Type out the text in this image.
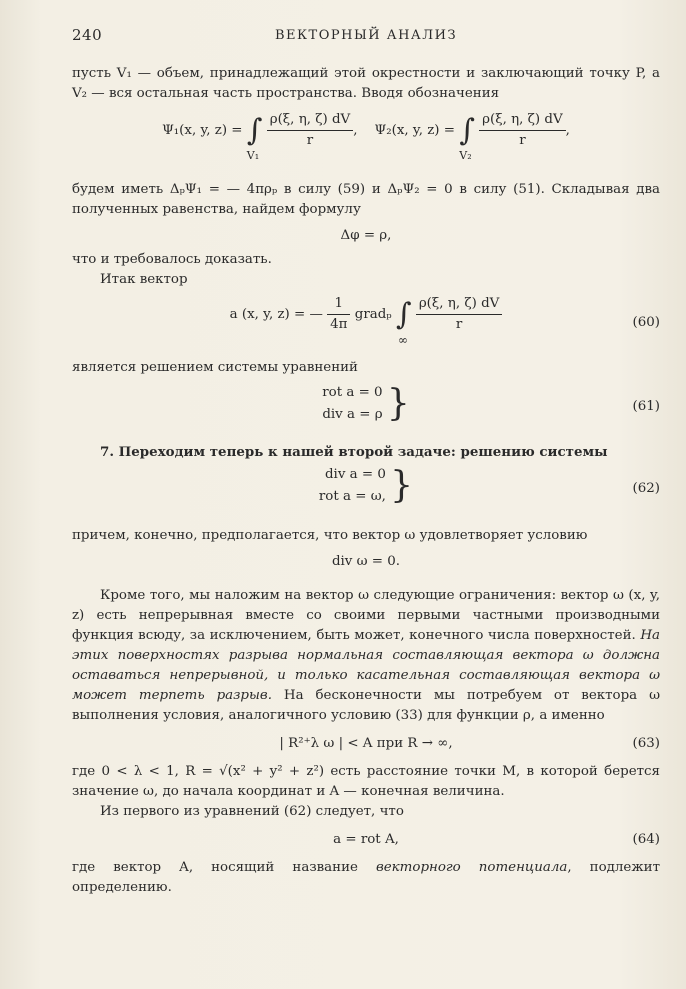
240	ВЕКТОРНЫЙ АНАЛИЗ

пусть V₁ — объем, принадлежащий этой окрестности и заключающий точку P, а V₂ — вся остальная часть пространства. Вводя обозначения

Ψ₁(x, y, z) = ∫
V₁

$\frac{\rho(\xi, \eta, \zeta) dV}{r}$ ,    Ψ₂(x, y, z) = ∫
V₂

$\frac{\rho(\xi, \eta, \zeta) dV}{r}$ ,

будем иметь ΔₚΨ₁ = — 4πρₚ в силу (59) и ΔₚΨ₂ = 0 в силу (51). Складывая два полученных равенства, найдем формулу

Δφ = ρ,

что и требовалось доказать.

Итак вектор

a (x, y, z) = — $\frac{1}{4\pi}$ gradₚ ∫
∞

$\frac{\rho(\xi, \eta, \zeta) dV}{r}$	(60)

является решением системы уравнений

rot a = 0
div a = ρ }	(61)

7. Переходим теперь к нашей второй задаче: решению системы

div a = 0
rot a = ω, }	(62)

причем, конечно, предполагается, что вектор ω удовлетворяет условию

div ω = 0.

Кроме того, мы наложим на вектор ω следующие ограничения: вектор ω (x, y, z) есть непрерывная вместе со своими первыми частными производными функция всюду, за исключением, быть может, конечного числа поверхностей. На этих поверхностях разрыва нормальная составляющая вектора ω должна оставаться непрерывной, и только касательная составляющая вектора ω может терпеть разрыв. На бесконечности мы потребуем от вектора ω выполнения условия, аналогичного условию (33) для функции ρ, а именно

| R²⁺λ ω | < A при R → ∞,	(63)

где 0 < λ < 1, R = √(x² + y² + z²) есть расстояние точки M, в которой берется значение ω, до начала координат и A — конечная величина.

Из первого из уравнений (62) следует, что

a = rot A,	(64)

где вектор A, носящий название векторного потенциала, подлежит определению.
